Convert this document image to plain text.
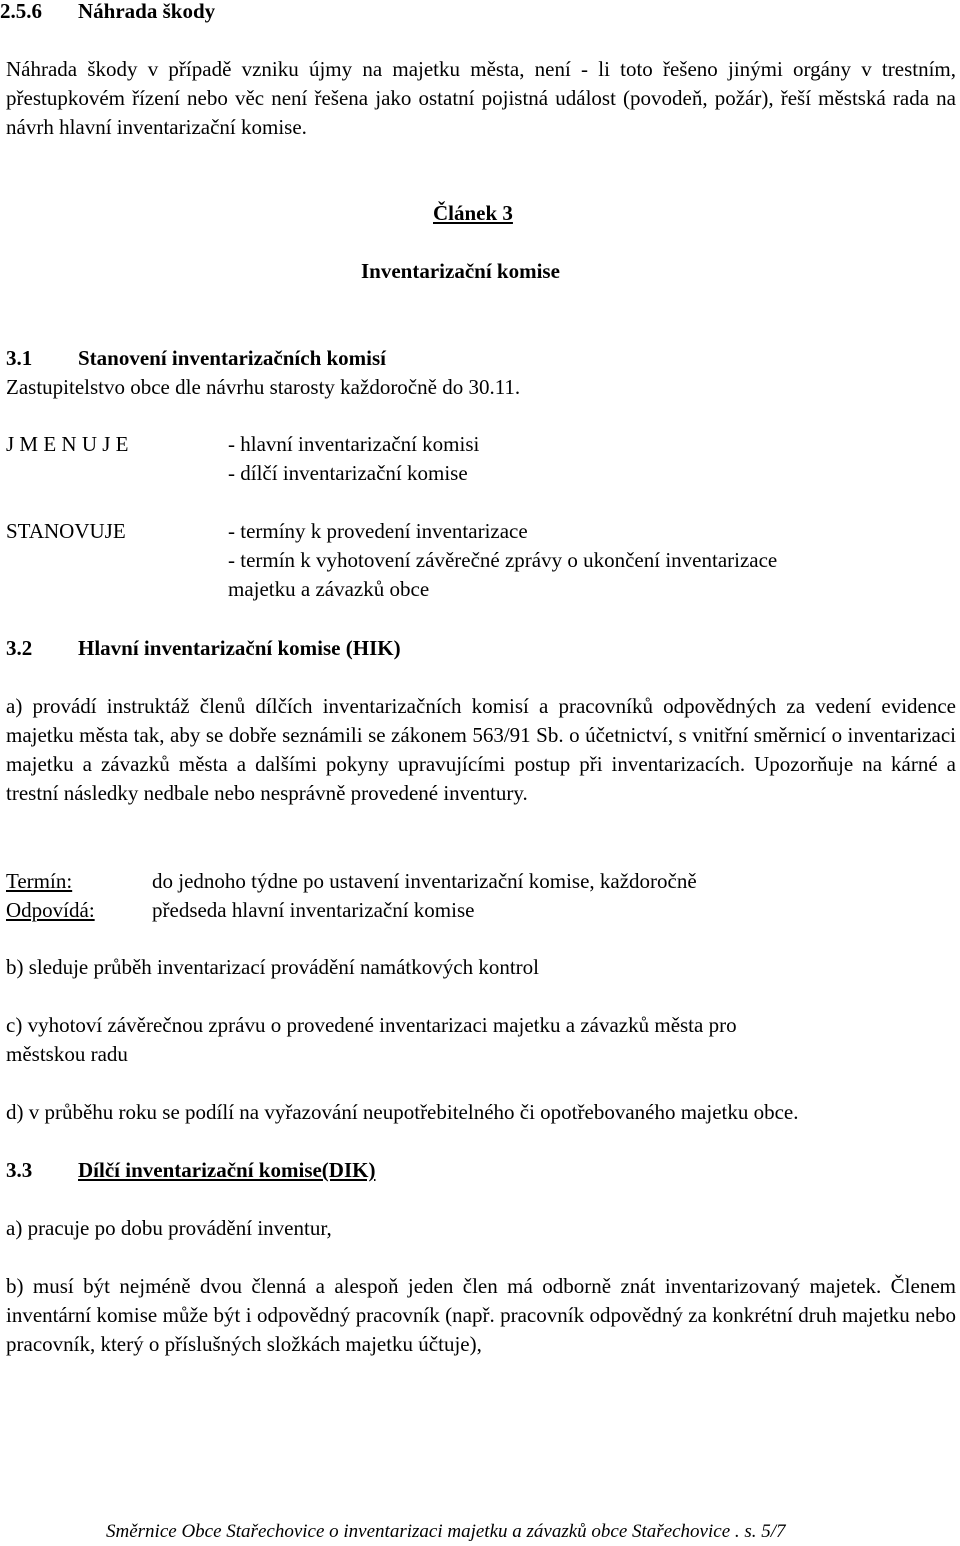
2.5.6 Náhrada škody
Náhrada škody v případě vzniku újmy na majetku města, není - li toto řešeno jinými orgány v trestním, přestupkovém řízení nebo věc není řešena jako ostatní pojistná událost (povodeň, požár), řeší městská rada na návrh hlavní inventarizační komise.
Článek 3
Inventarizační komise
3.1 Stanovení inventarizačních komisí
Zastupitelstvo obce dle návrhu starosty každoročně do 30.11.
J M E N U J E	- hlavní inventarizační komisi
- dílčí inventarizační komise
STANOVUJE	- termíny k provedení inventarizace
- termín k vyhotovení závěrečné zprávy o ukončení inventarizace
majetku a závazků obce
3.2 Hlavní inventarizační komise (HIK)
a) provádí instruktáž členů dílčích inventarizačních komisí a pracovníků odpovědných za vedení evidence majetku města tak, aby se dobře seznámili se zákonem 563/91 Sb. o účetnictví, s vnitřní směrnicí o inventarizaci majetku a závazků města a dalšími pokyny upravujícími postup při inventarizacích. Upozorňuje na kárné a trestní následky nedbale nebo nesprávně provedené inventury.
Termín:	do jednoho týdne po ustavení inventarizační komise, každoročně
Odpovídá:	předseda hlavní inventarizační komise
b) sleduje průběh inventarizací provádění namátkových kontrol
c) vyhotoví závěrečnou zprávu o provedené inventarizaci majetku a závazků města pro
městskou radu
d) v průběhu roku se podílí na vyřazování neupotřebitelného či opotřebovaného majetku obce.
3.3 Dílčí inventarizační komise(DIK)
a) pracuje po dobu provádění inventur,
b) musí být nejméně dvou členná a alespoň jeden člen má odborně znát inventarizovaný majetek. Členem inventární komise může být i odpovědný pracovník (např. pracovník odpovědný za konkrétní druh majetku nebo pracovník, který o příslušných složkách majetku účtuje),
Směrnice Obce Stařechovice o inventarizaci majetku a závazků obce Stařechovice . s. 5/7
